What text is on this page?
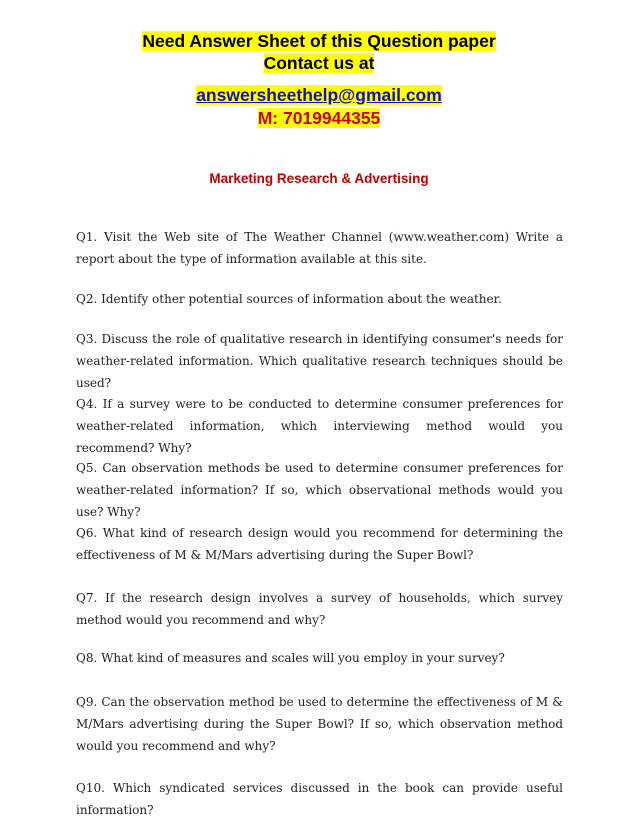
Need Answer Sheet of this Question paper
Contact us at
answersheethelp@gmail.com
M: 7019944355
Marketing Research & Advertising

Q1. Visit the Web site of The Weather Channel (www.weather.com) Write a report about the type of information available at this site.

Q2. Identify other potential sources of information about the weather.

Q3. Discuss the role of qualitative research in identifying consumer's needs for weather-related information. Which qualitative research techniques should be used?

Q4. If a survey were to be conducted to determine consumer preferences for weather-related information, which interviewing method would you recommend? Why?

Q5. Can observation methods be used to determine consumer preferences for weather-related information? If so, which observational methods would you use? Why?

Q6. What kind of research design would you recommend for determining the effectiveness of M & M/Mars advertising during the Super Bowl?

Q7. If the research design involves a survey of households, which survey method would you recommend and why?

Q8. What kind of measures and scales will you employ in your survey?

Q9. Can the observation method be used to determine the effectiveness of M & M/Mars advertising during the Super Bowl? If so, which observation method would you recommend and why?

Q10. Which syndicated services discussed in the book can provide useful information?
